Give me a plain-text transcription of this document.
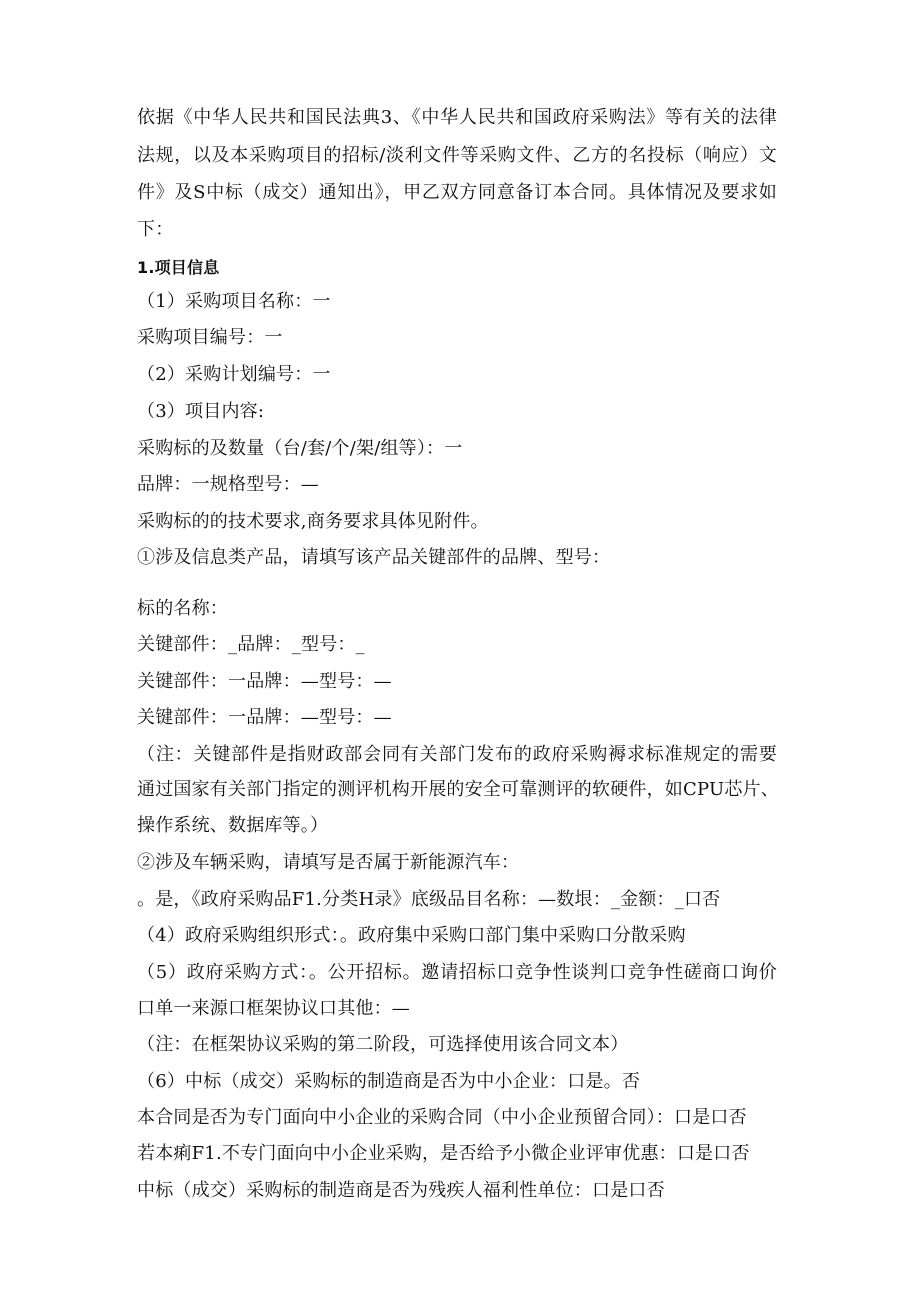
依据《中华人民共和国民法典3、《中华人民共和国政府采购法》等有关的法律
法规，以及本采购项目的招标/淡利文件等采购文件、乙方的名投标（响应）文
件》及S中标（成交）通知出》，甲乙双方同意备订本合同。具体情况及要求如
下：
1.项目信息
（1）采购项目名称：一
采购项目编号：一
（2）采购计划编号：一
（3）项目内容:
采购标的及数量（台/套/个/架/组等）：一
品牌：一规格型号：—
采购标的的技术要求,商务要求具体见附件。
①涉及信息类产品，请填写该产品关键部件的品牌、型号：
标的名称：
关键部件：_品牌：_型号：_
关键部件：一品牌：—型号：—
关键部件：一品牌：—型号：—
（注：关键部件是指财政部会同有关部门发布的政府采购褥求标准规定的需要
通过国家有关部门指定的测评机构开展的安全可靠测评的软硬件，如CPU芯片、
操作系统、数据库等。）
②涉及车辆采购，请填写是否属于新能源汽车：
。是，《政府采购品F1.分类H录》底级品目名称：—数垠：_金额：_口否
（4）政府采购组织形式：。政府集中采购口部门集中采购口分散采购
（5）政府采购方式：。公开招标。邀请招标口竞争性谈判口竞争性磋商口询价
口单一来源口框架协议口其他：—
（注：在框架协议采购的第二阶段，可选择使用该合同文本）
（6）中标（成交）采购标的制造商是否为中小企业：口是。否
本合同是否为专门面向中小企业的采购合同（中小企业预留合同）：口是口否
若本痢F1.不专门面向中小企业采购，是否给予小微企业评审优惠：口是口否
中标（成交）采购标的制造商是否为残疾人福利性单位：口是口否
